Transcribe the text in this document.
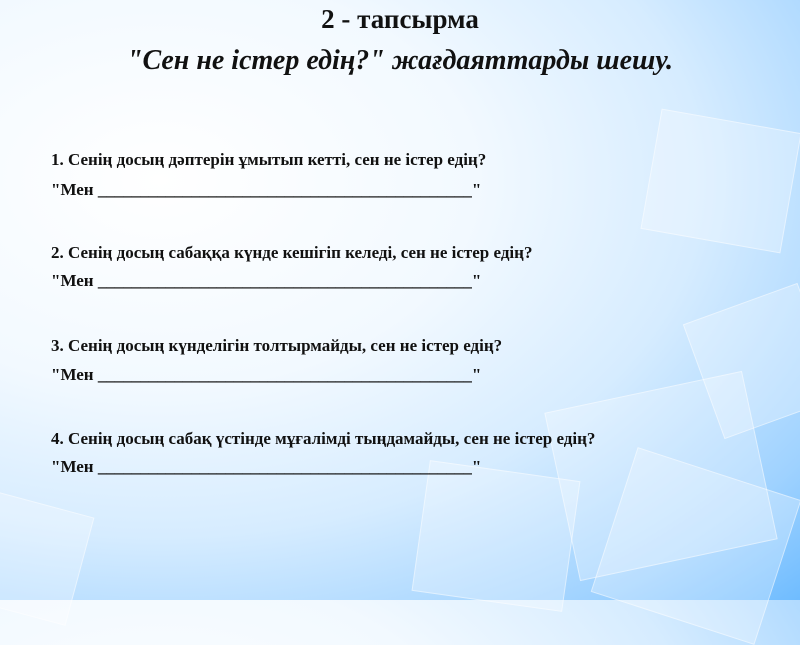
2 - тапсырма
"Сен не істер едің?" жағдаяттарды шешу.
1. Сенің досың дәптерін ұмытып кетті, сен не істер едің?
"Мен ____________________________________________"
2. Сенің досың сабаққа күнде кешігіп келеді, сен не істер едің?
"Мен ____________________________________________"
3. Сенің досың күнделігін толтырмайды, сен не істер едің?
"Мен ____________________________________________"
4. Сенің досың сабақ үстінде мұғалімді тыңдамайды, сен не істер едің?
"Мен ____________________________________________"
